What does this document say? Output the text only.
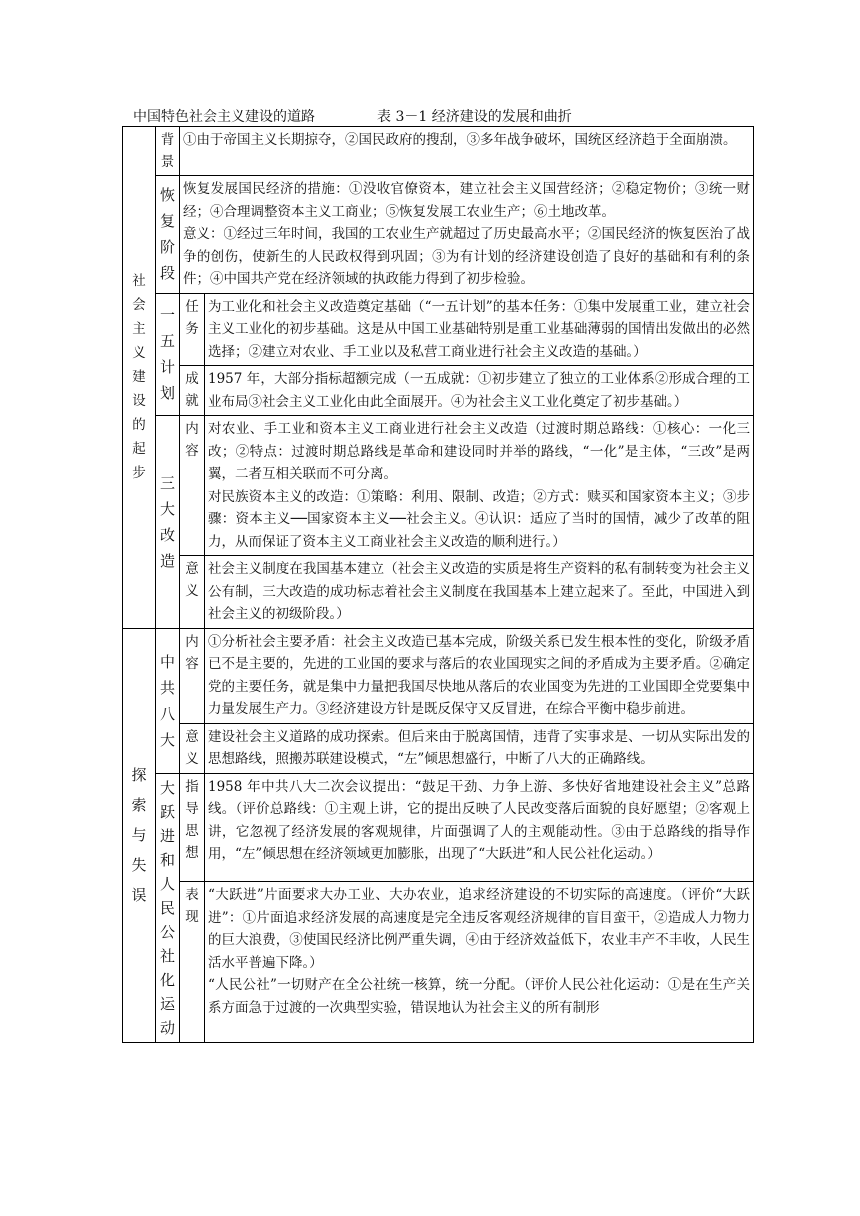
中国特色社会主义建设的道路	表 3－1 经济建设的发展和曲折
社会主义建设的起步	背景	①由于帝国主义长期掠夺，②国民政府的搜刮，③多年战争破坏，国统区经济趋于全面崩溃。	

	恢复阶段	恢复发展国民经济的措施：①没收官僚资本，建立社会主义国营经济；②稳定物价；③统一财经；④合理调整资本主义工商业；⑤恢复发展工农业生产；⑥土地改革。
意义：①经过三年时间，我国的工农业生产就超过了历史最高水平；②国民经济的恢复医治了战争的创伤，使新生的人民政权得到巩固；③为有计划的经济建设创造了良好的基础和有利的条件；④中国共产党在经济领域的执政能力得到了初步检验。	

	一五计划	任务	为工业化和社会主义改造奠定基础（“一五计划”的基本任务：①集中发展重工业，建立社会主义工业化的初步基础。这是从中国工业基础特别是重工业基础薄弱的国情出发做出的必然选择；②建立对农业、手工业以及私营工商业进行社会主义改造的基础。）

		成就	1957 年，大部分指标超额完成（一五成就：①初步建立了独立的工业体系②形成合理的工业布局③社会主义工业化由此全面展开。④为社会主义工业化奠定了初步基础。）

	三大改造	内容	对农业、手工业和资本主义工商业进行社会主义改造（过渡时期总路线：①核心：一化三改；②特点：过渡时期总路线是革命和建设同时并举的路线，“一化”是主体，“三改”是两翼，二者互相关联而不可分离。
对民族资本主义的改造：①策略：利用、限制、改造；②方式：赎买和国家资本主义；③步骤：资本主义──国家资本主义──社会主义。④认识：适应了当时的国情，减少了改革的阻力，从而保证了资本主义工商业社会主义改造的顺利进行。）

		意义	社会主义制度在我国基本建立（社会主义改造的实质是将生产资料的私有制转变为社会主义公有制，三大改造的成功标志着社会主义制度在我国基本上建立起来了。至此，中国进入到社会主义的初级阶段。）

探索与失误	中共八大	内容	①分析社会主要矛盾：社会主义改造已基本完成，阶级关系已发生根本性的变化，阶级矛盾已不是主要的，先进的工业国的要求与落后的农业国现实之间的矛盾成为主要矛盾。②确定党的主要任务，就是集中力量把我国尽快地从落后的农业国变为先进的工业国即全党要集中力量发展生产力。③经济建设方针是既反保守又反冒进，在综合平衡中稳步前进。

		意义	建设社会主义道路的成功探索。但后来由于脱离国情，违背了实事求是、一切从实际出发的思想路线，照搬苏联建设模式，“左”倾思想盛行，中断了八大的正确路线。

	大跃进和人民公社化运动	指导思想	1958 年中共八大二次会议提出：“鼓足干劲、力争上游、多快好省地建设社会主义”总路线。（评价总路线：①主观上讲，它的提出反映了人民改变落后面貌的良好愿望；②客观上讲，它忽视了经济发展的客观规律，片面强调了人的主观能动性。③由于总路线的指导作用，“左”倾思想在经济领域更加膨胀，出现了“大跃进”和人民公社化运动。）

		表现	“大跃进”片面要求大办工业、大办农业，追求经济建设的不切实际的高速度。（评价“大跃进”：①片面追求经济发展的高速度是完全违反客观经济规律的盲目蛮干，②造成人力物力的巨大浪费，③使国民经济比例严重失调，④由于经济效益低下，农业丰产不丰收，人民生活水平普遍下降。）
“人民公社”一切财产在全公社统一核算，统一分配。（评价人民公社化运动：①是在生产关系方面急于过渡的一次典型实验，错误地认为社会主义的所有制形
